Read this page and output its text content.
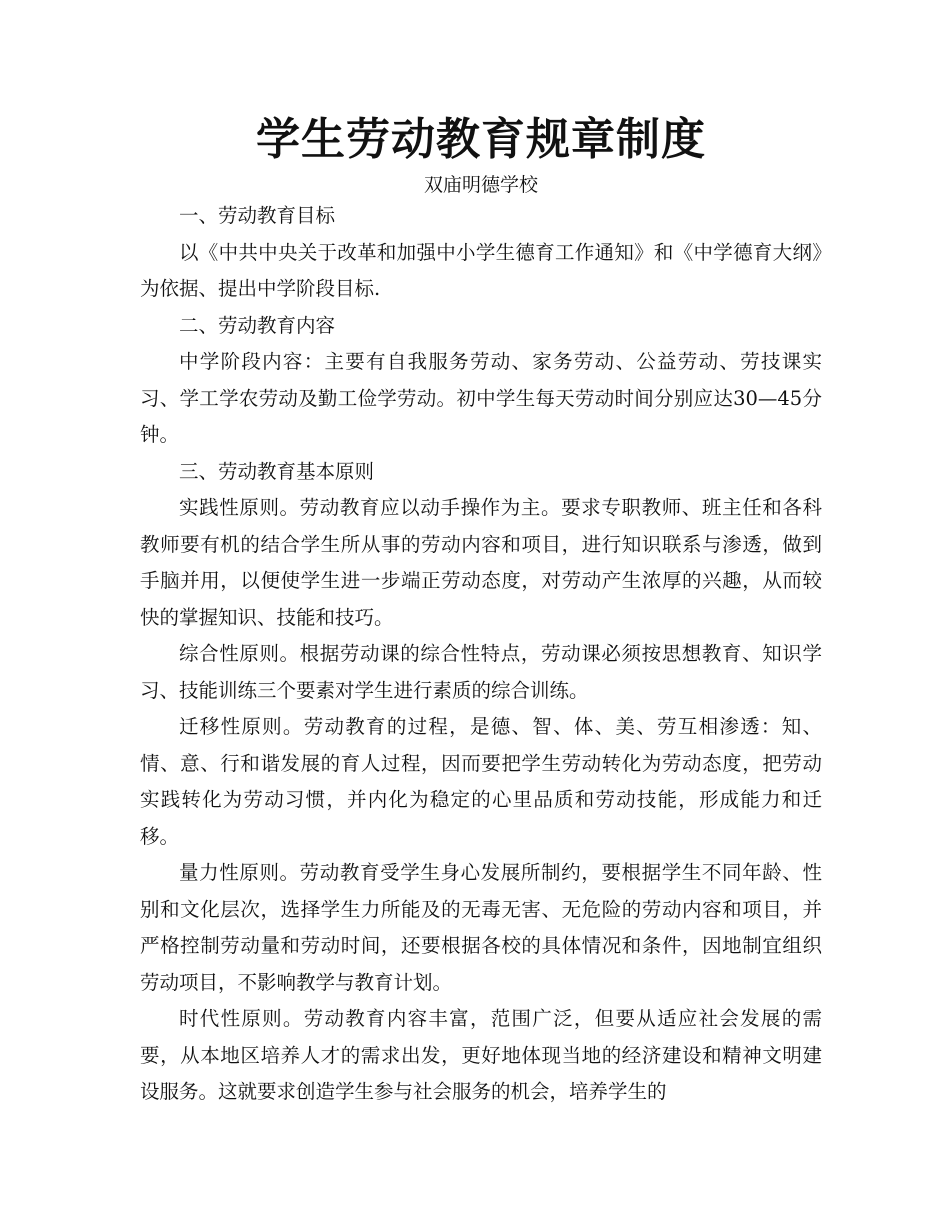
学生劳动教育规章制度

双庙明德学校

一、劳动教育目标

以《中共中央关于改革和加强中小学生德育工作通知》和《中学德育大纲》为依据、提出中学阶段目标.

二、劳动教育内容

中学阶段内容：主要有自我服务劳动、家务劳动、公益劳动、劳技课实习、学工学农劳动及勤工俭学劳动。初中学生每天劳动时间分别应达30—45分钟。

三、劳动教育基本原则

实践性原则。劳动教育应以动手操作为主。要求专职教师、班主任和各科教师要有机的结合学生所从事的劳动内容和项目，进行知识联系与渗透，做到手脑并用，以便使学生进一步端正劳动态度，对劳动产生浓厚的兴趣，从而较快的掌握知识、技能和技巧。

综合性原则。根据劳动课的综合性特点，劳动课必须按思想教育、知识学习、技能训练三个要素对学生进行素质的综合训练。

迁移性原则。劳动教育的过程，是德、智、体、美、劳互相渗透：知、情、意、行和谐发展的育人过程，因而要把学生劳动转化为劳动态度，把劳动实践转化为劳动习惯，并内化为稳定的心里品质和劳动技能，形成能力和迁移。

量力性原则。劳动教育受学生身心发展所制约，要根据学生不同年龄、性别和文化层次，选择学生力所能及的无毒无害、无危险的劳动内容和项目，并严格控制劳动量和劳动时间，还要根据各校的具体情况和条件，因地制宜组织劳动项目，不影响教学与教育计划。

时代性原则。劳动教育内容丰富，范围广泛，但要从适应社会发展的需要，从本地区培养人才的需求出发，更好地体现当地的经济建设和精神文明建设服务。这就要求创造学生参与社会服务的机会，培养学生的
